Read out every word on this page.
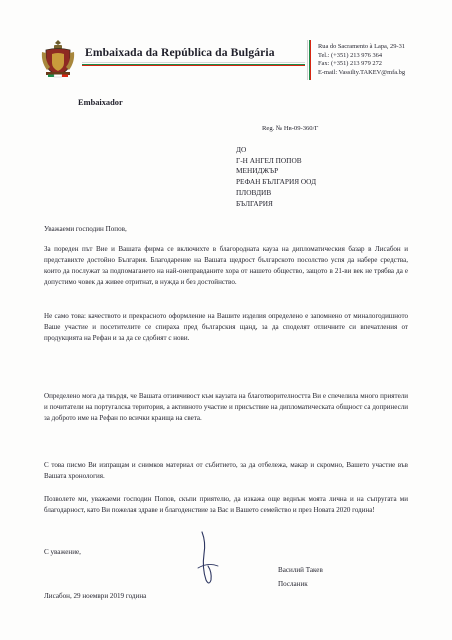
Embaixada da República da Bulgária	Rua do Sacramento à Lapa, 29-31
Tel.: (+351) 213 976 364
Fax: (+351) 213 979 272
E-mail: Vassiliy.TAKEV@mfa.bg
Embaixador
Reg. № Нв-09-360/Г
ДО
Г-Н АНГЕЛ ПОПОВ
МЕНИДЖЪР
РЕФАН БЪЛГАРИЯ ООД
ПЛОВДИВ
БЪЛГАРИЯ
Уважаеми господин Попов,

За пореден път Вие и Вашата фирма се включихте в благородната кауза на дипломатическия базар в Лисабон и представихте достойно България. Благодарение на Вашата щедрост българското посолство успя да набере средства, които да послужат за подпомагането на най-онеправданите хора от нашето общество, защото в 21-ви век не трябва да е допустимо човек да живее отритнат, в нужда и без достойнство.

Не само това: качеството и прекрасното оформление на Вашите изделия определено е запомнено от миналогодишното Ваше участие и посетителите се спираха пред българския щанд, за да споделят отличните си впечатления от продукцията на Рефан и за да се сдобият с нови.

Определено мога да твърдя, че Вашата отзивчивост към каузата на благотворителността Ви е спечелила много приятели и почитатели на португалска територия, а активното участие и присъствие на дипломатическата общност са допринесли за доброто име на Рефан по всички краища на света.

С това писмо Ви изпращам и снимков материал от събитието, за да отбележа, макар и скромно, Вашето участие във Вашата хронология.

Позволете ми, уважаеми господин Попов, скъпи приятелю, да изкажа още веднъж моята лична и на съпругата ми благодарност, като Ви пожелая здраве и благоденствие за Вас и Вашето семейство и през Новата 2020 година!

С уважение,
Василий Такев
Посланик
Лисабон, 29 ноември 2019 година
